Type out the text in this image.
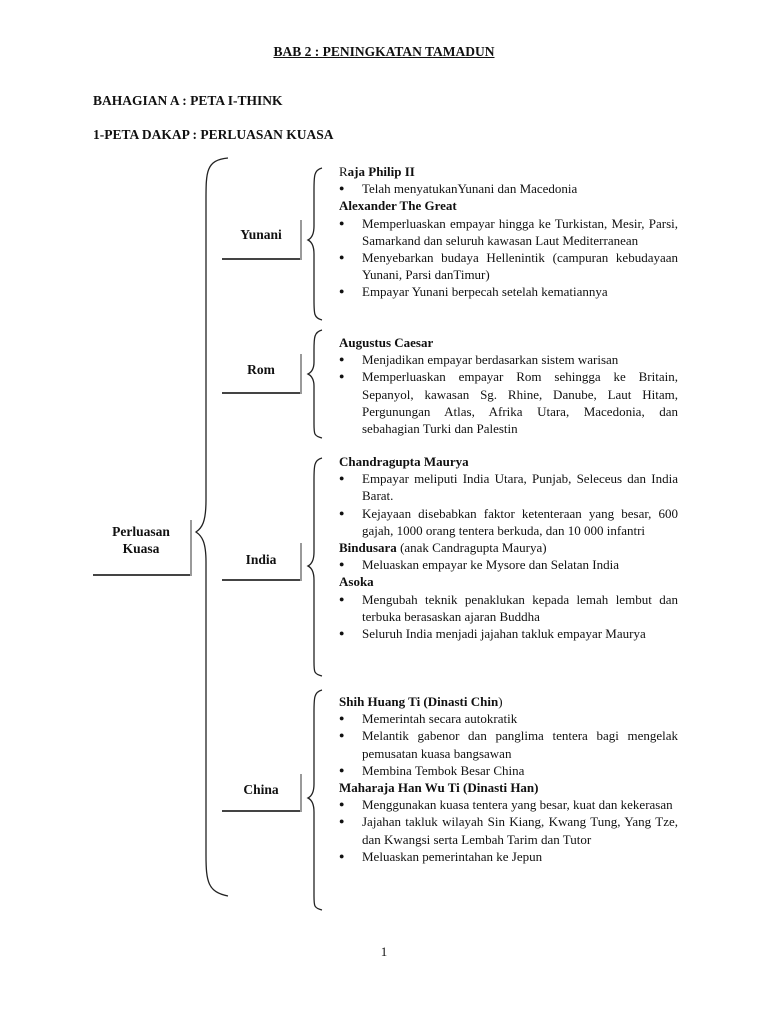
BAB 2 : PENINGKATAN TAMADUN
BAHAGIAN A : PETA I-THINK
1-PETA DAKAP : PERLUASAN KUASA
Perluasan
Kuasa
Yunani
Rom
India
China
Raja Philip II
● Telah menyatukanYunani dan Macedonia
Alexander The Great
● Memperluaskan empayar hingga ke Turkistan, Mesir, Parsi, Samarkand dan seluruh kawasan Laut Mediterranean
● Menyebarkan budaya Hellenintik (campuran kebudayaan Yunani, Parsi danTimur)
● Empayar Yunani berpecah setelah kematiannya
Augustus Caesar
● Menjadikan empayar berdasarkan sistem warisan
● Memperluaskan empayar Rom sehingga ke Britain, Sepanyol, kawasan Sg. Rhine, Danube, Laut Hitam, Pergunungan Atlas, Afrika Utara, Macedonia, dan sebahagian Turki dan Palestin
Chandragupta Maurya
● Empayar meliputi India Utara, Punjab, Seleceus dan India Barat.
● Kejayaan disebabkan faktor ketenteraan yang besar, 600 gajah, 1000 orang tentera berkuda, dan 10 000 infantri
Bindusara (anak Candragupta Maurya)
● Meluaskan empayar ke Mysore dan Selatan India
Asoka
● Mengubah teknik penaklukan kepada lemah lembut dan terbuka berasaskan ajaran Buddha
● Seluruh India menjadi jajahan takluk empayar Maurya
Shih Huang Ti (Dinasti Chin)
● Memerintah secara autokratik
● Melantik gabenor dan panglima tentera bagi mengelak pemusatan kuasa bangsawan
● Membina Tembok Besar China
Maharaja Han Wu Ti (Dinasti Han)
● Menggunakan kuasa tentera yang besar, kuat dan kekerasan
● Jajahan takluk wilayah Sin Kiang, Kwang Tung, Yang Tze, dan Kwangsi serta Lembah Tarim dan Tutor
● Meluaskan pemerintahan ke Jepun
1
